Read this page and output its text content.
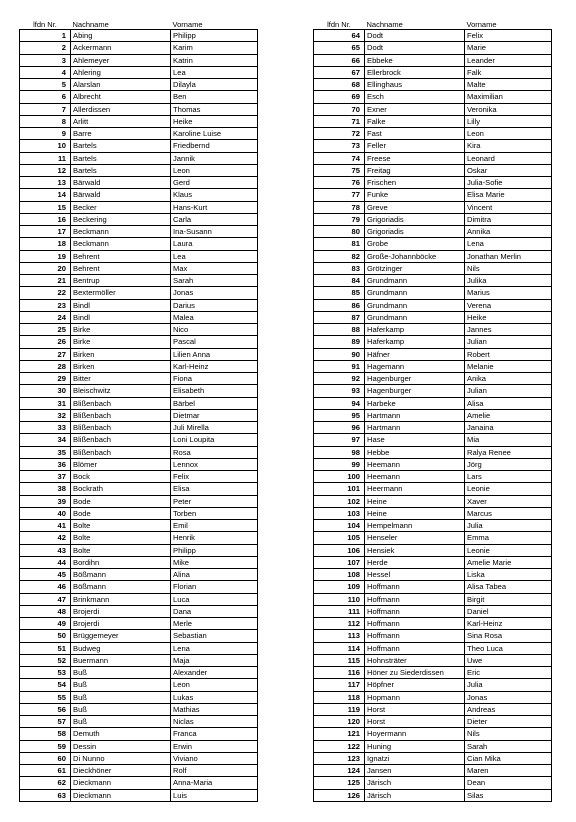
lfdn Nr.	Nachname	Vorname
1	Abing	Philipp
2	Ackermann	Karim
3	Ahlemeyer	Katrin
4	Ahlering	Lea
5	Alarslan	Dilayla
6	Albrecht	Ben
7	Allerdissen	Thomas
8	Arlitt	Heike
9	Barre	Karoline Luise
10	Bartels	Friedbernd
11	Bartels	Jannik
12	Bartels	Leon
13	Bärwald	Gerd
14	Bärwald	Klaus
15	Becker	Hans-Kurt
16	Beckering	Carla
17	Beckmann	Ina-Susann
18	Beckmann	Laura
19	Behrent	Lea
20	Behrent	Max
21	Bentrup	Sarah
22	Bextermöller	Jonas
23	Bindl	Darius
24	Bindl	Malea
25	Birke	Nico
26	Birke	Pascal
27	Birken	Lilien Anna
28	Birken	Karl-Heinz
29	Bitter	Fiona
30	Bleischwitz	Elisabeth
31	Blißenbach	Bärbel
32	Blißenbach	Dietmar
33	Blißenbach	Juli Mirella
34	Blißenbach	Loni Loupita
35	Blißenbach	Rosa
36	Blömer	Lennox
37	Bock	Felix
38	Bockrath	Elisa
39	Bode	Peter
40	Bode	Torben
41	Bolte	Emil
42	Bolte	Henrik
43	Bolte	Philipp
44	Bordihn	Mike
45	Bößmann	Alina
46	Bößmann	Florian
47	Brinkmann	Luca
48	Brojerdi	Dana
49	Brojerdi	Merle
50	Brüggemeyer	Sebastian
51	Budweg	Lena
52	Buermann	Maja
53	Buß	Alexander
54	Buß	Leon
55	Buß	Lukas
56	Buß	Mathias
57	Buß	Niclas
58	Demuth	Franca
59	Dessin	Erwin
60	Di Nunno	Viviano
61	Dieckhöner	Rolf
62	Dieckmann	Anna-Maria
63	Dieckmann	Luis
lfdn Nr.	Nachname	Vorname
64	Dodt	Felix
65	Dodt	Marie
66	Ebbeke	Leander
67	Ellerbrock	Falk
68	Ellinghaus	Malte
69	Esch	Maximilian
70	Exner	Veronika
71	Falke	Lilly
72	Fast	Leon
73	Feller	Kira
74	Freese	Leonard
75	Freitag	Oskar
76	Frischen	Julia-Sofie
77	Funke	Elisa Marie
78	Greve	Vincent
79	Grigoriadis	Dimitra
80	Grigoriadis	Annika
81	Grobe	Lena
82	Große-Johannböcke	Jonathan Merlin
83	Grötzinger	Nils
84	Grundmann	Julika
85	Grundmann	Marius
86	Grundmann	Verena
87	Grundmann	Heike
88	Haferkamp	Jannes
89	Haferkamp	Julian
90	Häfner	Robert
91	Hagemann	Melanie
92	Hagenburger	Anika
93	Hagenburger	Julian
94	Harbeke	Alisa
95	Hartmann	Amelie
96	Hartmann	Janaina
97	Hase	Mia
98	Hebbe	Ralya Renee
99	Heemann	Jörg
100	Heemann	Lars
101	Heermann	Leonie
102	Heine	Xaver
103	Heine	Marcus
104	Hempelmann	Julia
105	Henseler	Emma
106	Hensiek	Leonie
107	Herde	Amelie Marie
108	Hessel	Liska
109	Hoffmann	Alisa Tabea
110	Hoffmann	Birgit
111	Hoffmann	Daniel
112	Hoffmann	Karl-Heinz
113	Hoffmann	Sina Rosa
114	Hoffmann	Theo Luca
115	Hohnsträter	Uwe
116	Höner zu Siederdissen	Eric
117	Höpfner	Julia
118	Hopmann	Jonas
119	Horst	Andreas
120	Horst	Dieter
121	Hoyermann	Nils
122	Huning	Sarah
123	Ignatzi	Cian Mika
124	Jansen	Maren
125	Järisch	Dean
126	Järisch	Silas
